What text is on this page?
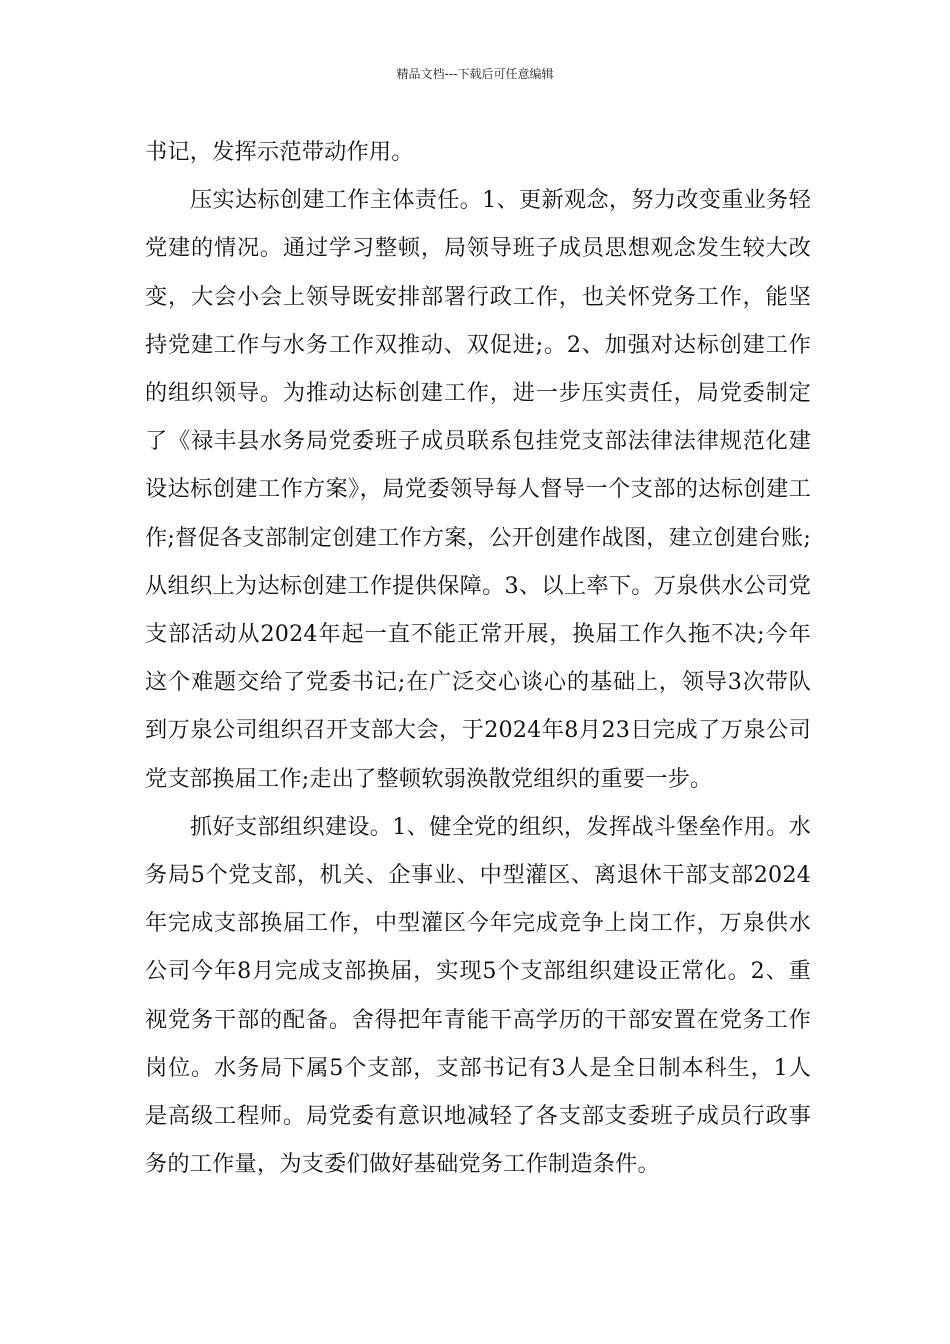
精品文档---下载后可任意编辑

书记，发挥示范带动作用。

压实达标创建工作主体责任。1、更新观念，努力改变重业务轻党建的情况。通过学习整顿，局领导班子成员思想观念发生较大改变，大会小会上领导既安排部署行政工作，也关怀党务工作，能坚持党建工作与水务工作双推动、双促进;。2、加强对达标创建工作的组织领导。为推动达标创建工作，进一步压实责任，局党委制定了《禄丰县水务局党委班子成员联系包挂党支部法律法律规范化建设达标创建工作方案》，局党委领导每人督导一个支部的达标创建工作;督促各支部制定创建工作方案，公开创建作战图，建立创建台账;从组织上为达标创建工作提供保障。3、以上率下。万泉供水公司党支部活动从2024年起一直不能正常开展，换届工作久拖不决;今年这个难题交给了党委书记;在广泛交心谈心的基础上，领导3次带队到万泉公司组织召开支部大会，于2024年8月23日完成了万泉公司党支部换届工作;走出了整顿软弱涣散党组织的重要一步。

抓好支部组织建设。1、健全党的组织，发挥战斗堡垒作用。水务局5个党支部，机关、企事业、中型灌区、离退休干部支部2024年完成支部换届工作，中型灌区今年完成竞争上岗工作，万泉供水公司今年8月完成支部换届，实现5个支部组织建设正常化。2、重视党务干部的配备。舍得把年青能干高学历的干部安置在党务工作岗位。水务局下属5个支部，支部书记有3人是全日制本科生，1人是高级工程师。局党委有意识地减轻了各支部支委班子成员行政事务的工作量，为支委们做好基础党务工作制造条件。
